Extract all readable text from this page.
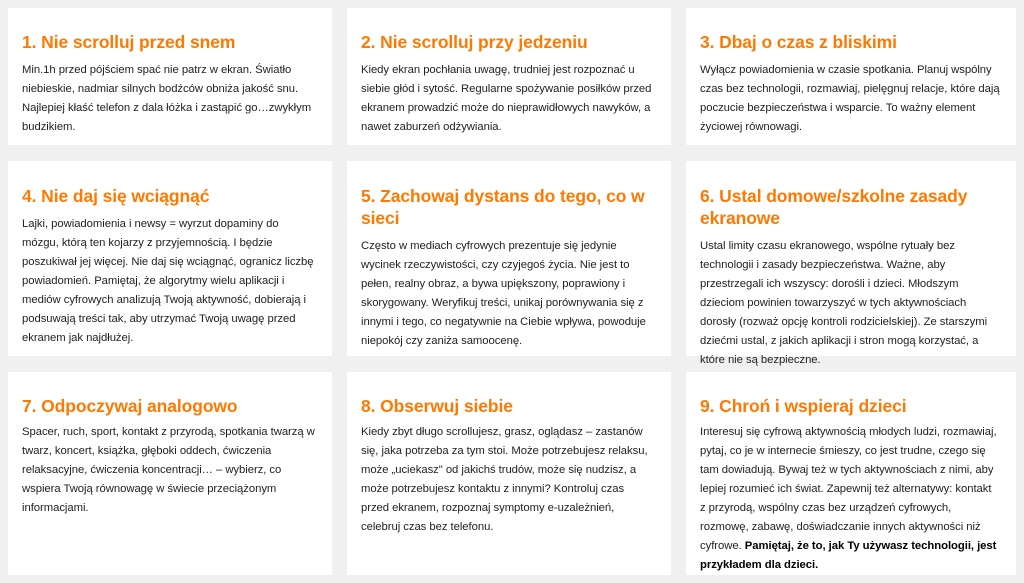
1. Nie scrolluj przed snem

Min.1h przed pójściem spać nie patrz w ekran. Światło niebieskie, nadmiar silnych bodźców obniża jakość snu. Najlepiej kłaść telefon z dala łóżka i zastąpić go…zwykłym budzikiem.

2. Nie scrolluj przy jedzeniu

Kiedy ekran pochłania uwagę, trudniej jest rozpoznać u siebie głód i sytość. Regularne spożywanie posiłków przed ekranem prowadzić może do nieprawidłowych nawyków, a nawet zaburzeń odżywiania.

3. Dbaj o czas z bliskimi

Wyłącz powiadomienia w czasie spotkania. Planuj wspólny czas bez technologii, rozmawiaj, pielęgnuj relacje, które dają poczucie bezpieczeństwa i wsparcie. To ważny element życiowej równowagi.

4. Nie daj się wciągnąć

Lajki, powiadomienia i newsy = wyrzut dopaminy do mózgu, którą ten kojarzy z przyjemnością. I będzie poszukiwał jej więcej. Nie daj się wciągnąć, ogranicz liczbę powiadomień. Pamiętaj, że algorytmy wielu aplikacji i mediów cyfrowych analizują Twoją aktywność, dobierają i podsuwają treści tak, aby utrzymać Twoją uwagę przed ekranem jak najdłużej.

5. Zachowaj dystans do tego, co w sieci

Często w mediach cyfrowych prezentuje się jedynie wycinek rzeczywistości, czy czyjegoś życia. Nie jest to pełen, realny obraz, a bywa upiększony, poprawiony i skorygowany. Weryfikuj treści, unikaj porównywania się z innymi i tego, co negatywnie na Ciebie wpływa, powoduje niepokój czy zaniża samoocenę.

6. Ustal domowe/szkolne zasady ekranowe

Ustal limity czasu ekranowego, wspólne rytuały bez technologii i zasady bezpieczeństwa. Ważne, aby przestrzegali ich wszyscy: dorośli i dzieci. Młodszym dzieciom powinien towarzyszyć w tych aktywnościach dorosły (rozważ opcję kontroli rodzicielskiej). Ze starszymi dziećmi ustal, z jakich aplikacji i stron mogą korzystać, a które nie są bezpieczne.

7. Odpoczywaj analogowo

Spacer, ruch, sport, kontakt z przyrodą, spotkania twarzą w twarz, koncert, książka, głęboki oddech, ćwiczenia relaksacyjne, ćwiczenia koncentracji… – wybierz, co wspiera Twoją równowagę w świecie przeciążonym informacjami.

8. Obserwuj siebie

Kiedy zbyt długo scrollujesz, grasz, oglądasz – zastanów się, jaka potrzeba za tym stoi. Może potrzebujesz relaksu, może „uciekasz" od jakichś trudów, może się nudzisz, a może potrzebujesz kontaktu z innymi? Kontroluj czas przed ekranem, rozpoznaj symptomy e-uzależnień, celebruj czas bez telefonu.

9. Chroń i wspieraj dzieci

Interesuj się cyfrową aktywnością młodych ludzi, rozmawiaj, pytaj, co je w internecie śmieszy, co jest trudne, czego się tam dowiadują. Bywaj też w tych aktywnościach z nimi, aby lepiej rozumieć ich świat. Zapewnij też alternatywy: kontakt z przyrodą, wspólny czas bez urządzeń cyfrowych, rozmowę, zabawę, doświadczanie innych aktywności niż cyfrowe. Pamiętaj, że to, jak Ty używasz technologii, jest przykładem dla dzieci.
